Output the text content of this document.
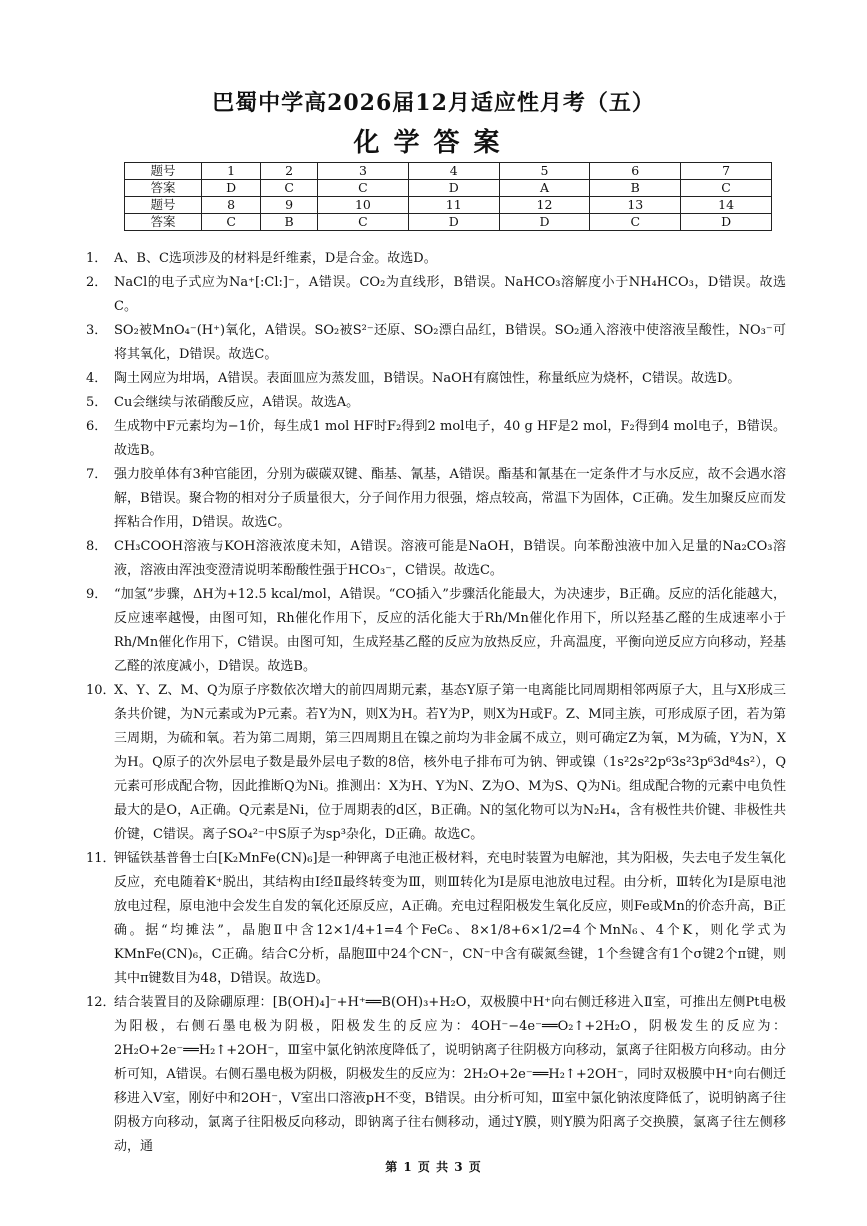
巴蜀中学高2026届12月适应性月考（五）
化学答案
题号	1	2	3	4	5	6	7
答案	D	C	C	D	A	B	C
题号	8	9	10	11	12	13	14
答案	C	B	C	D	D	C	D
1． A、B、C选项涉及的材料是纤维素，D是合金。故选D。

2． NaCl的电子式应为Na⁺[:Cl:]⁻，A错误。CO₂为直线形，B错误。NaHCO₃溶解度小于NH₄HCO₃，D错误。故选C。

3． SO₂被MnO₄⁻(H⁺)氧化，A错误。SO₂被S²⁻还原、SO₂漂白品红，B错误。SO₂通入溶液中使溶液呈酸性，NO₃⁻可将其氧化，D错误。故选C。

4． 陶土网应为坩埚，A错误。表面皿应为蒸发皿，B错误。NaOH有腐蚀性，称量纸应为烧杯，C错误。故选D。

5． Cu会继续与浓硝酸反应，A错误。故选A。

6． 生成物中F元素均为−1价，每生成1 mol HF时F₂得到2 mol电子，40 g HF是2 mol，F₂得到4 mol电子，B错误。故选B。

7． 强力胶单体有3种官能团，分别为碳碳双键、酯基、氰基，A错误。酯基和氰基在一定条件才与水反应，故不会遇水溶解，B错误。聚合物的相对分子质量很大，分子间作用力很强，熔点较高，常温下为固体，C正确。发生加聚反应而发挥粘合作用，D错误。故选C。

8． CH₃COOH溶液与KOH溶液浓度未知，A错误。溶液可能是NaOH，B错误。向苯酚浊液中加入足量的Na₂CO₃溶液，溶液由浑浊变澄清说明苯酚酸性强于HCO₃⁻，C错误。故选C。

9． “加氢”步骤，ΔH为+12.5 kcal/mol，A错误。“CO插入”步骤活化能最大，为决速步，B正确。反应的活化能越大，反应速率越慢，由图可知，Rh催化作用下，反应的活化能大于Rh/Mn催化作用下，所以羟基乙醛的生成速率小于Rh/Mn催化作用下，C错误。由图可知，生成羟基乙醛的反应为放热反应，升高温度，平衡向逆反应方向移动，羟基乙醛的浓度减小，D错误。故选B。

10．

X、Y、Z、M、Q为原子序数依次增大的前四周期元素，基态Y原子第一电离能比同周期相邻两原子大，且与X形成三条共价键，为N元素或为P元素。若Y为N，则X为H。若Y为P，则X为H或F。Z、M同主族，可形成原子团，若为第三周期，为硫和氧。若为第二周期，第三四周期且在镍之前均为非金属不成立，则可确定Z为氧，M为硫，Y为N，X为H。Q原子的次外层电子数是最外层电子数的8倍，核外电子排布可为钠、钾或镍（1s²2s²2p⁶3s²3p⁶3d⁸4s²），Q元素可形成配合物，因此推断Q为Ni。推测出：X为H、Y为N、Z为O、M为S、Q为Ni。组成配合物的元素中电负性最大的是O，A正确。Q元素是Ni，位于周期表的d区，B正确。N的氢化物可以为N₂H₄，含有极性共价键、非极性共价键，C错误。离子SO₄²⁻中S原子为sp³杂化，D正确。故选C。

11．

钾锰铁基普鲁士白[K₂MnFe(CN)₆]是一种钾离子电池正极材料，充电时装置为电解池，其为阳极，失去电子发生氧化反应，充电随着K⁺脱出，其结构由Ⅰ经Ⅱ最终转变为Ⅲ，则Ⅲ转化为Ⅰ是原电池放电过程。由分析，Ⅲ转化为Ⅰ是原电池放电过程，原电池中会发生自发的氧化还原反应，A正确。充电过程阳极发生氧化反应，则Fe或Mn的价态升高，B正确。据“均摊法”，晶胞Ⅱ中含12×1/4+1=4个FeC₆、8×1/8+6×1/2=4个MnN₆、4个K，则化学式为KMnFe(CN)₆，C正确。结合C分析，晶胞Ⅲ中24个CN⁻，CN⁻中含有碳氮叁键，1个叁键含有1个σ键2个π键，则其中π键数目为48，D错误。故选D。

12．

结合装置目的及除硼原理：[B(OH)₄]⁻+H⁺══B(OH)₃+H₂O，双极膜中H⁺向右侧迁移进入Ⅱ室，可推出左侧Pt电极为阳极，右侧石墨电极为阴极，阳极发生的反应为：4OH⁻−4e⁻══O₂↑+2H₂O，阴极发生的反应为：2H₂O+2e⁻══H₂↑+2OH⁻，Ⅲ室中氯化钠浓度降低了，说明钠离子往阴极方向移动，氯离子往阳极方向移动。由分析可知，A错误。右侧石墨电极为阴极，阴极发生的反应为：2H₂O+2e⁻══H₂↑+2OH⁻，同时双极膜中H⁺向右侧迁移进入Ⅴ室，刚好中和2OH⁻，Ⅴ室出口溶液pH不变，B错误。由分析可知，Ⅲ室中氯化钠浓度降低了，说明钠离子往阴极方向移动，氯离子往阳极反向移动，即钠离子往右侧移动，通过Y膜，则Y膜为阳离子交换膜，氯离子往左侧移动，通

第 1 页 共 3 页
